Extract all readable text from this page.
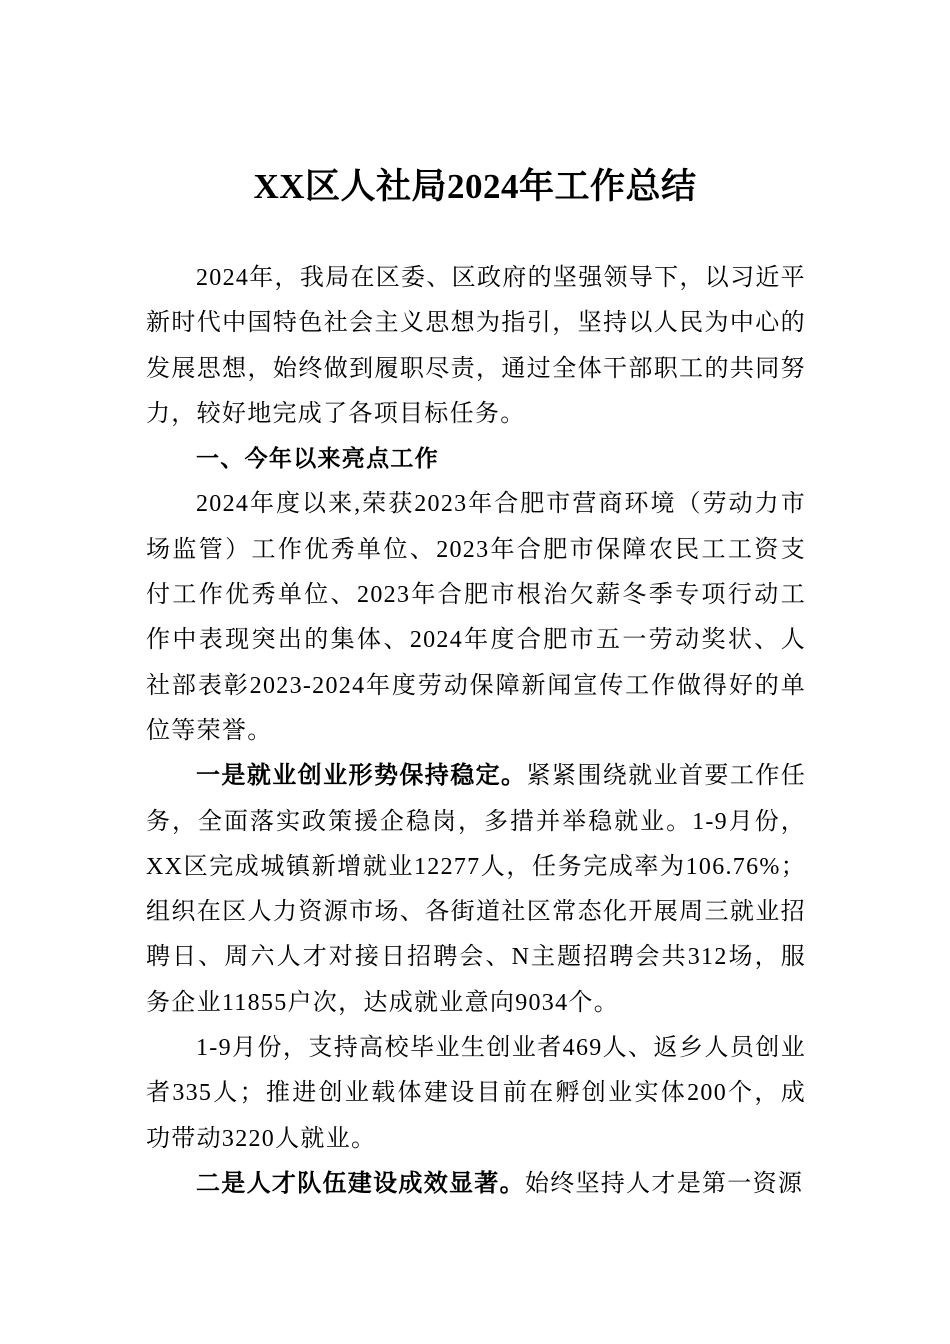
XX区人社局2024年工作总结

2024年，我局在区委、区政府的坚强领导下，以习近平新时代中国特色社会主义思想为指引，坚持以人民为中心的发展思想，始终做到履职尽责，通过全体干部职工的共同努力，较好地完成了各项目标任务。

一、今年以来亮点工作

2024年度以来,荣获2023年合肥市营商环境（劳动力市场监管）工作优秀单位、2023年合肥市保障农民工工资支付工作优秀单位、2023年合肥市根治欠薪冬季专项行动工作中表现突出的集体、2024年度合肥市五一劳动奖状、人社部表彰2023-2024年度劳动保障新闻宣传工作做得好的单位等荣誉。

一是就业创业形势保持稳定。紧紧围绕就业首要工作任务，全面落实政策援企稳岗，多措并举稳就业。1-9月份，XX区完成城镇新增就业12277人，任务完成率为106.76%；组织在区人力资源市场、各街道社区常态化开展周三就业招聘日、周六人才对接日招聘会、N主题招聘会共312场，服务企业11855户次，达成就业意向9034个。

1-9月份，支持高校毕业生创业者469人、返乡人员创业者335人；推进创业载体建设目前在孵创业实体200个，成功带动3220人就业。

二是人才队伍建设成效显著。始终坚持人才是第一资源
